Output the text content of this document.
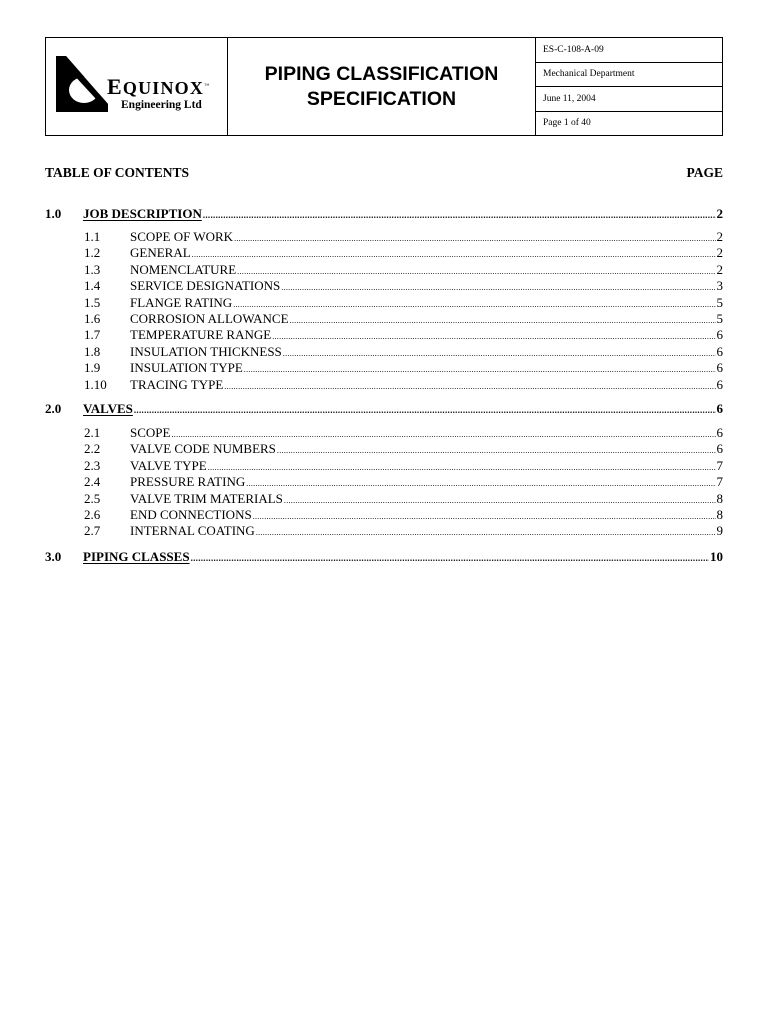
EQUINOX™
Engineering Ltd
PIPING CLASSIFICATION
SPECIFICATION
ES-C-108-A-09
Mechanical Department
June 11, 2004
Page 1 of 40
TABLE OF CONTENTS	PAGE
1.0	JOB DESCRIPTION .....	2
1.1	SCOPE OF WORK .....	2
1.2	GENERAL .....	2
1.3	NOMENCLATURE .....	2
1.4	SERVICE DESIGNATIONS .....	3
1.5	FLANGE RATING .....	5
1.6	CORROSION ALLOWANCE .....	5
1.7	TEMPERATURE RANGE .....	6
1.8	INSULATION THICKNESS .....	6
1.9	INSULATION TYPE .....	6
1.10	TRACING TYPE .....	6
2.0	VALVES .....	6
2.1	SCOPE .....	6
2.2	VALVE CODE NUMBERS .....	6
2.3	VALVE TYPE .....	7
2.4	PRESSURE RATING .....	7
2.5	VALVE TRIM MATERIALS .....	8
2.6	END CONNECTIONS .....	8
2.7	INTERNAL COATING .....	9
3.0	PIPING CLASSES .....	10
